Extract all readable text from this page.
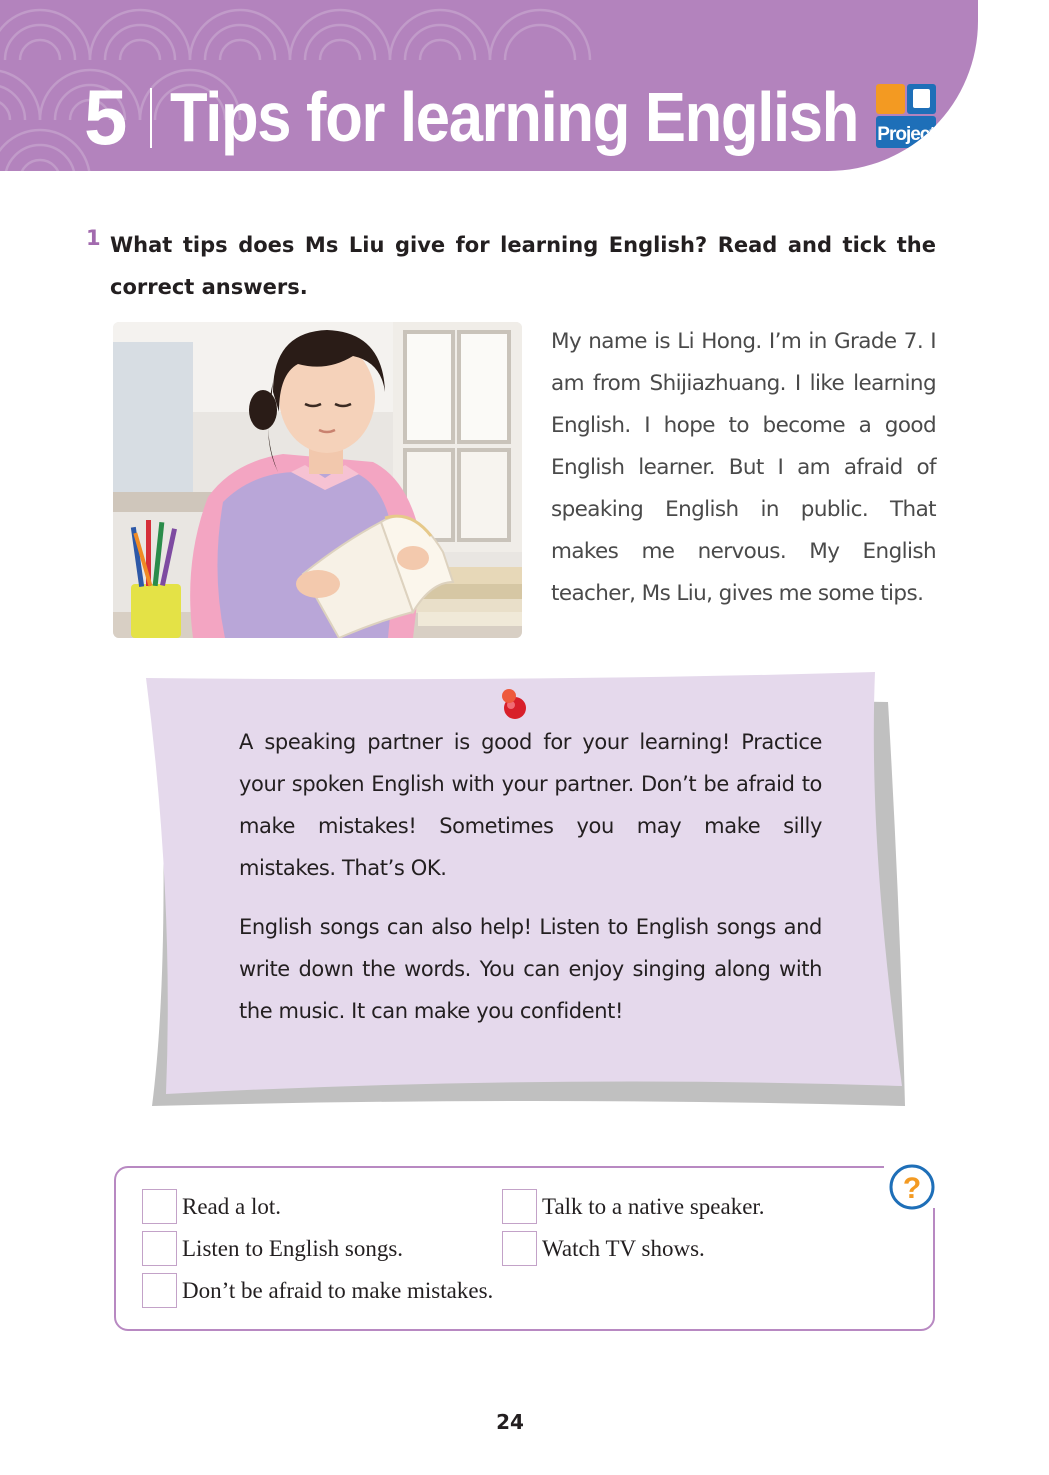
5 Tips for learning English Project
1 What tips does Ms Liu give for learning English? Read and tick the correct answers.

My name is Li Hong. I’m in Grade 7. I am from Shijiazhuang. I like learning English. I hope to become a good English learner. But I am afraid of speaking English in public. That makes me nervous. My English teacher, Ms Liu, gives me some tips.

A speaking partner is good for your learning! Practice your spoken English with your partner. Don’t be afraid to make mistakes! Sometimes you may make silly mistakes. That’s OK.

English songs can also help! Listen to English songs and write down the words. You can enjoy singing along with the music. It can make you confident!

?
Read a lot.	Talk to a native speaker.
Listen to English songs.	Watch TV shows.
Don’t be afraid to make mistakes.
24
